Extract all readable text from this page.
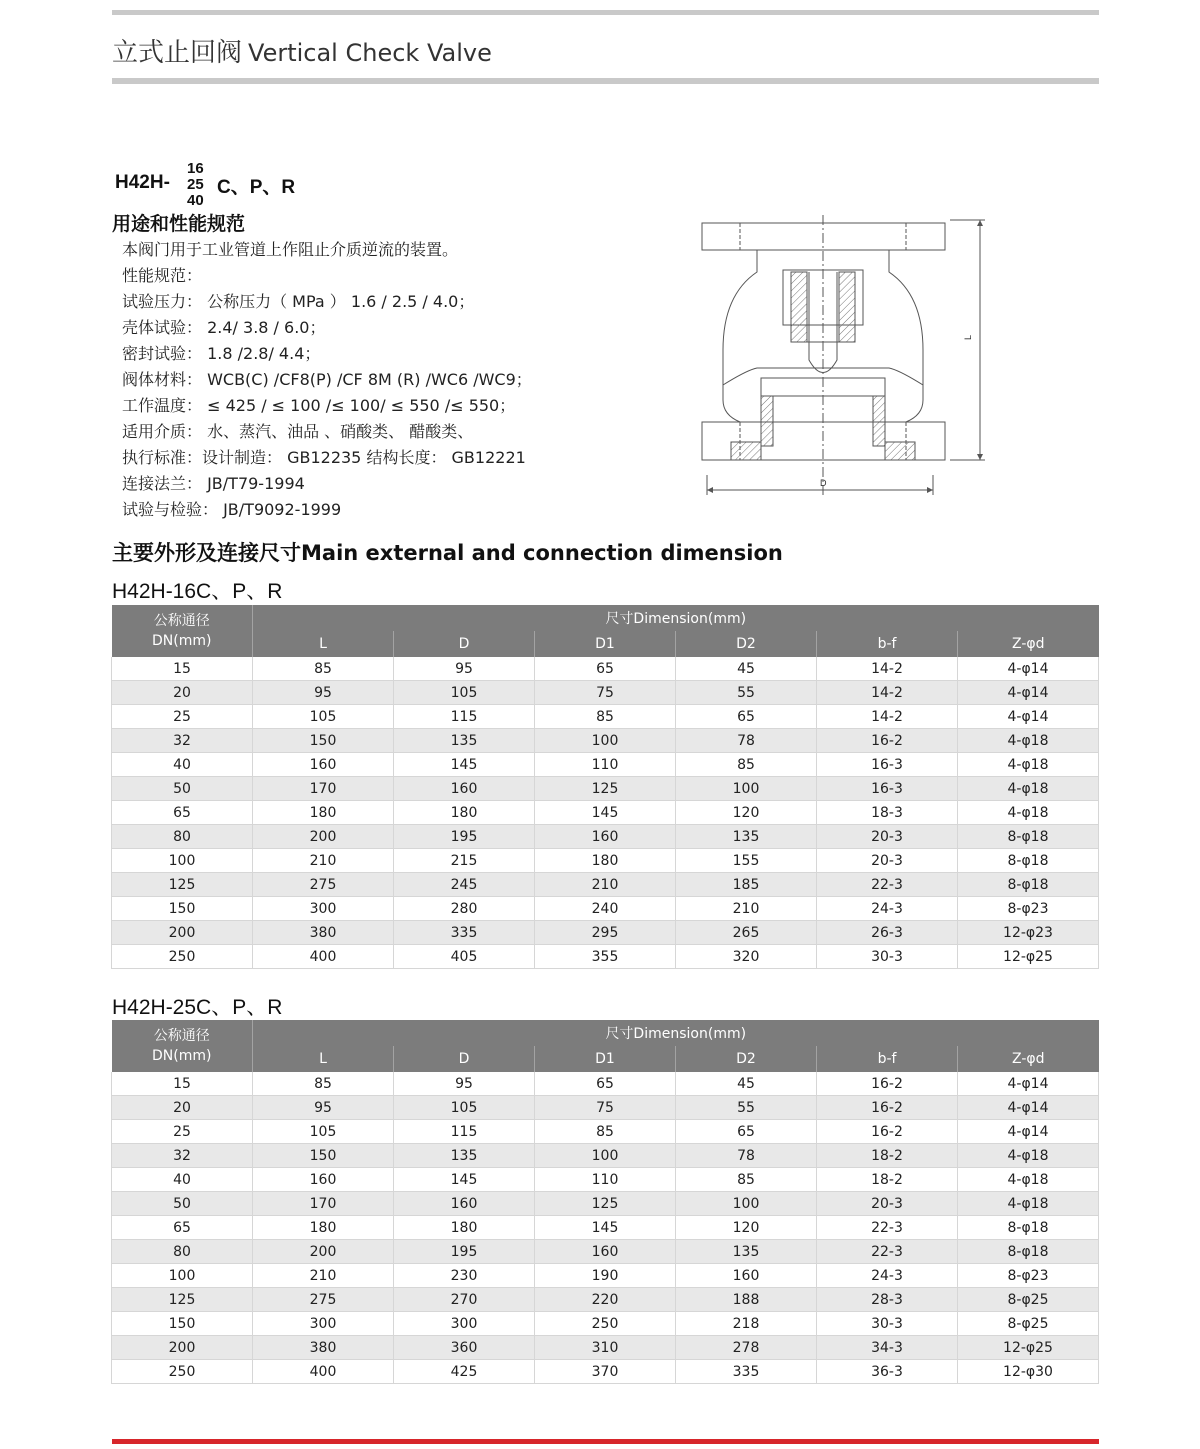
立式止回阀 Vertical Check Valve
H42H-
16
25
40
C、P、R
用途和性能规范
本阀门用于工业管道上作阻止介质逆流的装置。
性能规范：
试验压力： 公称压力（ MPa ） 1.6 / 2.5 / 4.0；
壳体试验： 2.4/ 3.8 / 6.0；
密封试验： 1.8 /2.8/ 4.4；
阀体材料： WCB(C) /CF8(P) /CF 8M (R) /WC6 /WC9；
工作温度： ≤ 425 / ≤ 100 /≤ 100/ ≤ 550 /≤ 550；
适用介质： 水、蒸汽、油品 、硝酸类、 醋酸类、
执行标准：设计制造： GB12235 结构长度： GB12221
连接法兰： JB/T79-1994
试验与检验： JB/T9092-1999
L
D
主要外形及连接尺寸Main external and connection dimension
H42H-16C、P、R
公称通径
DN(mm)	尺寸Dimension(mm)					
	L	D	D1	D2	b-f	Z-φd
15	85	95	65	45	14-2	4-φ14
20	95	105	75	55	14-2	4-φ14
25	105	115	85	65	14-2	4-φ14
32	150	135	100	78	16-2	4-φ18
40	160	145	110	85	16-3	4-φ18
50	170	160	125	100	16-3	4-φ18
65	180	180	145	120	18-3	4-φ18
80	200	195	160	135	20-3	8-φ18
100	210	215	180	155	20-3	8-φ18
125	275	245	210	185	22-3	8-φ18
150	300	280	240	210	24-3	8-φ23
200	380	335	295	265	26-3	12-φ23
250	400	405	355	320	30-3	12-φ25
H42H-25C、P、R
公称通径
DN(mm)	尺寸Dimension(mm)					
	L	D	D1	D2	b-f	Z-φd
15	85	95	65	45	16-2	4-φ14
20	95	105	75	55	16-2	4-φ14
25	105	115	85	65	16-2	4-φ14
32	150	135	100	78	18-2	4-φ18
40	160	145	110	85	18-2	4-φ18
50	170	160	125	100	20-3	4-φ18
65	180	180	145	120	22-3	8-φ18
80	200	195	160	135	22-3	8-φ18
100	210	230	190	160	24-3	8-φ23
125	275	270	220	188	28-3	8-φ25
150	300	300	250	218	30-3	8-φ25
200	380	360	310	278	34-3	12-φ25
250	400	425	370	335	36-3	12-φ30
